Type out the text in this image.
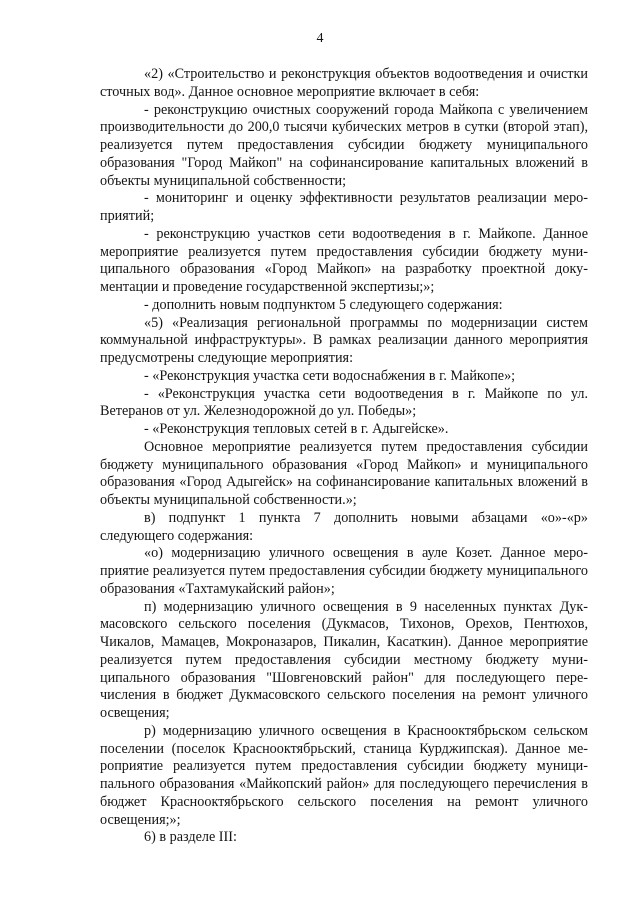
4

«2) «Строительство и реконструкция объектов водоотведения и очистки сточных вод». Данное основное мероприятие включает в себя:

- реконструкцию очистных сооружений города Майкопа с увеличением производительности до 200,0 тысячи кубических метров в сутки (второй этап), реализуется путем предоставления субсидии бюджету муниципального образования "Город Майкоп" на софинансирование капитальных вложений в объекты муниципальной собственности;

- мониторинг и оценку эффективности результатов реализации мероприятий;

- реконструкцию участков сети водоотведения в г. Майкопе. Данное мероприятие реализуется путем предоставления субсидии бюджету муниципального образования «Город Майкоп» на разработку проектной документации и проведение государственной экспертизы;»;

- дополнить новым подпунктом 5 следующего содержания:

«5) «Реализация региональной программы по модернизации систем коммунальной инфраструктуры». В рамках реализации данного мероприятия предусмотрены следующие мероприятия:

- «Реконструкция участка сети водоснабжения в г. Майкопе»;

- «Реконструкция участка сети водоотведения в г. Майкопе по ул. Ветеранов от ул. Железнодорожной до ул. Победы»;

- «Реконструкция тепловых сетей в г. Адыгейске».

Основное мероприятие реализуется путем предоставления субсидии бюджету муниципального образования «Город Майкоп» и муниципального образования «Город Адыгейск» на софинансирование капитальных вложений в объекты муниципальной собственности.»;

в) подпункт 1 пункта 7 дополнить новыми абзацами «о»-«р» следующего содержания:

«о) модернизацию уличного освещения в ауле Козет. Данное мероприятие реализуется путем предоставления субсидии бюджету муниципального образования «Тахтамукайский район»;

п) модернизацию уличного освещения в 9 населенных пунктах Дукмасовского сельского поселения (Дукмасов, Тихонов, Орехов, Пентюхов, Чикалов, Мамацев, Мокроназаров, Пикалин, Касаткин). Данное мероприятие реализуется путем предоставления субсидии местному бюджету муниципального образования "Шовгеновский район" для последующего перечисления в бюджет Дукмасовского сельского поселения на ремонт уличного освещения;

р) модернизацию уличного освещения в Краснооктябрьском сельском поселении (поселок Краснооктябрьский, станица Курджипская). Данное мероприятие реализуется путем предоставления субсидии бюджету муниципального образования «Майкопский район» для последующего перечисления в бюджет Краснооктябрьского сельского поселения на ремонт уличного освещения;»;

6) в разделе III:
